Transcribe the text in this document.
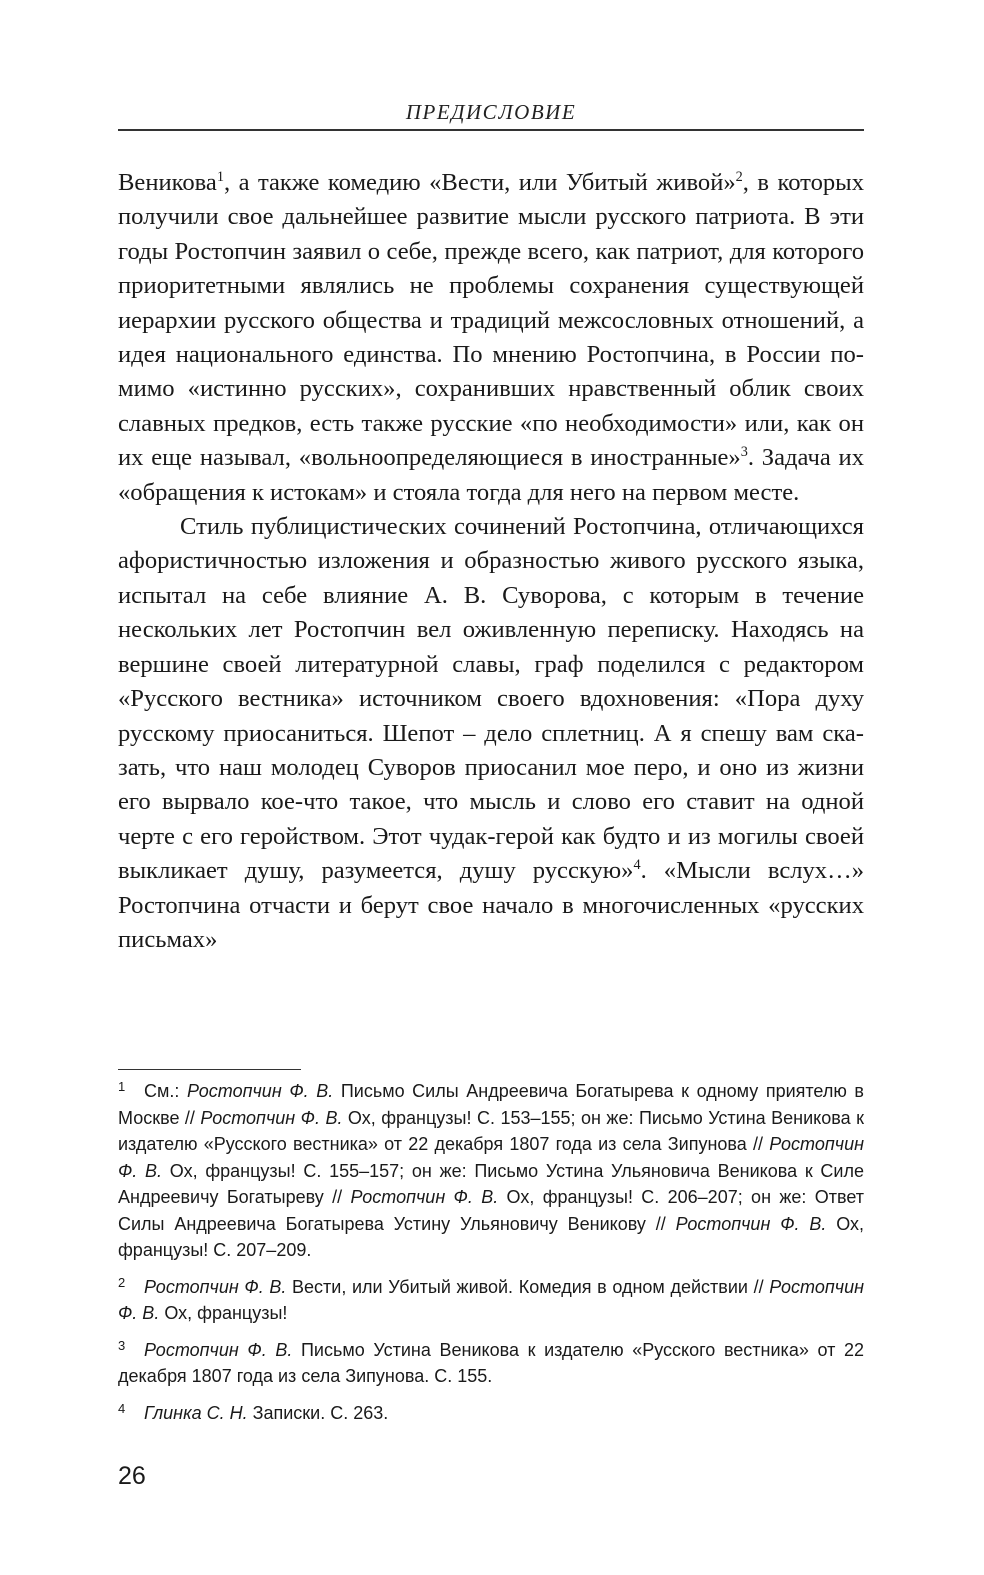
ПРЕДИСЛОВИЕ

Веникова$^1$, а также комедию «Вести, или Убитый живой»$^2$, в которых получили свое дальнейшее развитие мысли русского патриота. В эти годы Ростопчин заявил о себе, прежде всего, как патриот, для которого приоритетными являлись не проблемы сохранения существующей иерархии русского общества и традиций межсословных отношений, а идея национального единства. По мнению Ростопчина, в России помимо «истинно русских», сохранивших нравственный облик своих славных предков, есть также русские «по необходимости» или, как он их еще называл, «вольноопределяющиеся в иностранные»$^3$. Задача их «обращения к истокам» и стояла тогда для него на первом месте.

Стиль публицистических сочинений Ростопчина, отличающихся афористичностью изложения и образностью живого русского языка, испытал на себе влияние А. В. Суворова, с которым в течение нескольких лет Ростопчин вел оживленную переписку. Находясь на вершине своей литературной славы, граф поделился с редактором «Русского вестника» источником своего вдохновения: «Пора духу русскому приосаниться. Шепот – дело сплетниц. А я спешу вам сказать, что наш молодец Суворов приосанил мое перо, и оно из жизни его вырвало кое-что такое, что мысль и слово его ставит на одной черте с его геройством. Этот чудак-герой как будто и из могилы своей выкликает душу, разумеется, душу русскую»$^4$. «Мысли вслух…» Ростопчина отчасти и берут свое начало в многочисленных «русских письмах»

1 См.: Ростопчин Ф. В. Письмо Силы Андреевича Богатырева к одному приятелю в Москве // Ростопчин Ф. В. Ох, французы! С. 153–155; он же: Письмо Устина Веникова к издателю «Русского вестника» от 22 декабря 1807 года из села Зипунова // Ростопчин Ф. В. Ох, французы! С. 155–157; он же: Письмо Устина Ульяновича Веникова к Силе Андреевичу Богатыреву // Ростопчин Ф. В. Ох, французы! С. 206–207; он же: Ответ Силы Андреевича Богатырева Устину Ульяновичу Веникову // Ростопчин Ф. В. Ох, французы! С. 207–209.

2 Ростопчин Ф. В. Вести, или Убитый живой. Комедия в одном действии // Ростопчин Ф. В. Ох, французы!

3 Ростопчин Ф. В. Письмо Устина Веникова к издателю «Русского вестника» от 22 декабря 1807 года из села Зипунова. С. 155.

4 Глинка С. Н. Записки. С. 263.

26
